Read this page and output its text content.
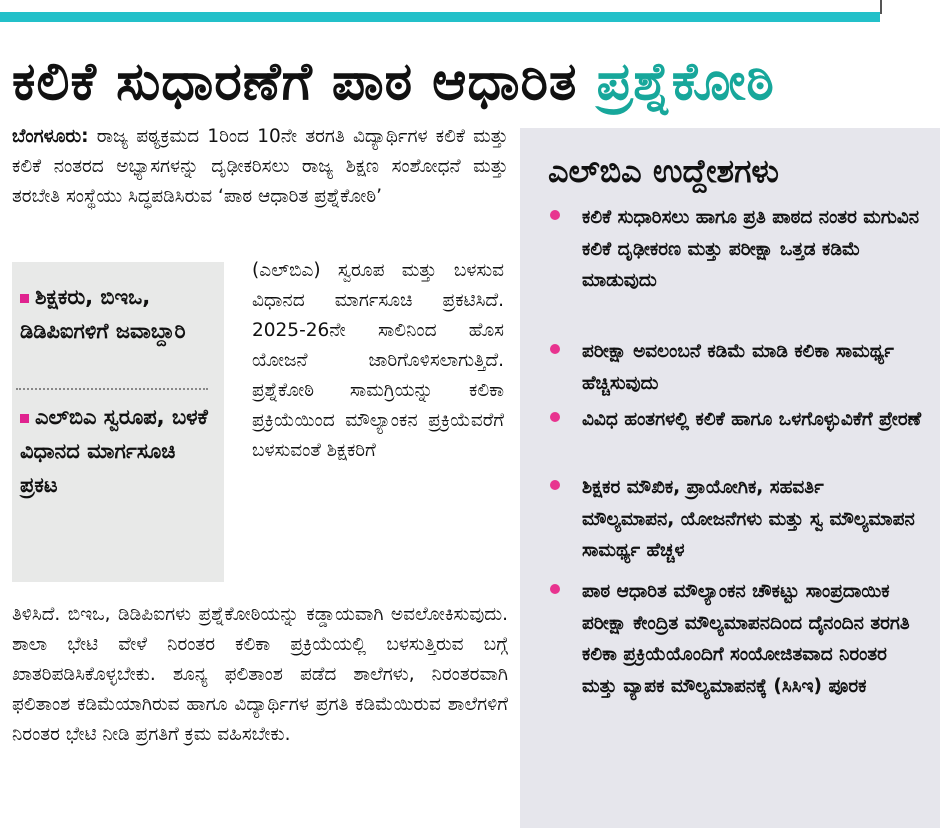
ಕಲಿಕೆ ಸುಧಾರಣೆಗೆ ಪಾಠ ಆಧಾರಿತ ಪ್ರಶ್ನೆಕೋಠಿ
ಬೆಂಗಳೂರು: ರಾಜ್ಯ ಪಠ್ಯಕ್ರಮದ 1ರಿಂದ 10ನೇ ತರಗತಿ ವಿದ್ಯಾರ್ಥಿಗಳ ಕಲಿಕೆ ಮತ್ತು ಕಲಿಕೆ ನಂತರದ ಅಭ್ಯಾಸಗಳನ್ನು ದೃಢೀಕರಿಸಲು ರಾಜ್ಯ ಶಿಕ್ಷಣ ಸಂಶೋಧನೆ ಮತ್ತು ತರಬೇತಿ ಸಂಸ್ಥೆಯು ಸಿದ್ಧಪಡಿಸಿರುವ ‘ಪಾಠ ಆಧಾರಿತ ಪ್ರಶ್ನೆಕೋಠಿ’
ಶಿಕ್ಷಕರು, ಬಿಇಒ, ಡಿಡಿಪಿಐಗಳಿಗೆ ಜವಾಬ್ದಾರಿ
ಎಲ್‌ಬಿಎ ಸ್ವರೂಪ, ಬಳಕೆ ವಿಧಾನದ ಮಾರ್ಗಸೂಚಿ ಪ್ರಕಟ
(ಎಲ್‌ಬಿಎ) ಸ್ವರೂಪ ಮತ್ತು ಬಳಸುವ ವಿಧಾನದ ಮಾರ್ಗಸೂಚಿ ಪ್ರಕಟಿಸಿದೆ. 2025-26ನೇ ಸಾಲಿನಿಂದ ಹೊಸ ಯೋಜನೆ ಜಾರಿಗೊಳಿಸಲಾಗುತ್ತಿದೆ. ಪ್ರಶ್ನೆಕೋಠಿ ಸಾಮಗ್ರಿಯನ್ನು ಕಲಿಕಾ ಪ್ರಕ್ರಿಯೆಯಿಂದ ಮೌಲ್ಯಾಂಕನ ಪ್ರಕ್ರಿಯೆವರೆಗೆ ಬಳಸುವಂತೆ ಶಿಕ್ಷಕರಿಗೆ
ತಿಳಿಸಿದೆ. ಬಿಇಒ, ಡಿಡಿಪಿಐಗಳು ಪ್ರಶ್ನೆಕೋಠಿಯನ್ನು ಕಡ್ಡಾಯವಾಗಿ ಅವಲೋಕಿಸುವುದು. ಶಾಲಾ ಭೇಟಿ ವೇಳೆ ನಿರಂತರ ಕಲಿಕಾ ಪ್ರಕ್ರಿಯೆಯಲ್ಲಿ ಬಳಸುತ್ತಿರುವ ಬಗ್ಗೆ ಖಾತರಿಪಡಿಸಿಕೊಳ್ಳಬೇಕು. ಶೂನ್ಯ ಫಲಿತಾಂಶ ಪಡೆದ ಶಾಲೆಗಳು, ನಿರಂತರವಾಗಿ ಫಲಿತಾಂಶ ಕಡಿಮೆಯಾಗಿರುವ ಹಾಗೂ ವಿದ್ಯಾರ್ಥಿಗಳ ಪ್ರಗತಿ ಕಡಿಮೆಯಿರುವ ಶಾಲೆಗಳಿಗೆ ನಿರಂತರ ಭೇಟಿ ನೀಡಿ ಪ್ರಗತಿಗೆ ಕ್ರಮ ವಹಿಸಬೇಕು.
ಎಲ್‌ಬಿಎ ಉದ್ದೇಶಗಳು
ಕಲಿಕೆ ಸುಧಾರಿಸಲು ಹಾಗೂ ಪ್ರತಿ ಪಾಠದ ನಂತರ ಮಗುವಿನ ಕಲಿಕೆ ದೃಢೀಕರಣ ಮತ್ತು ಪರೀಕ್ಷಾ ಒತ್ತಡ ಕಡಿಮೆ ಮಾಡುವುದು
ಪರೀಕ್ಷಾ ಅವಲಂಬನೆ ಕಡಿಮೆ ಮಾಡಿ ಕಲಿಕಾ ಸಾಮರ್ಥ್ಯ ಹೆಚ್ಚಿಸುವುದು
ವಿವಿಧ ಹಂತಗಳಲ್ಲಿ ಕಲಿಕೆ ಹಾಗೂ ಒಳಗೊಳ್ಳುವಿಕೆಗೆ ಪ್ರೇರಣೆ
ಶಿಕ್ಷಕರ ಮೌಖಿಕ, ಪ್ರಾಯೋಗಿಕ, ಸಹವರ್ತಿ ಮೌಲ್ಯಮಾಪನ, ಯೋಜನೆಗಳು ಮತ್ತು ಸ್ವ ಮೌಲ್ಯಮಾಪನ ಸಾಮರ್ಥ್ಯ ಹೆಚ್ಚಳ
ಪಾಠ ಆಧಾರಿತ ಮೌಲ್ಯಾಂಕನ ಚೌಕಟ್ಟು ಸಾಂಪ್ರದಾಯಿಕ ಪರೀಕ್ಷಾ ಕೇಂದ್ರಿತ ಮೌಲ್ಯಮಾಪನದಿಂದ ದೈನಂದಿನ ತರಗತಿ ಕಲಿಕಾ ಪ್ರಕ್ರಿಯೆಯೊಂದಿಗೆ ಸಂಯೋಜಿತವಾದ ನಿರಂತರ ಮತ್ತು ವ್ಯಾಪಕ ಮೌಲ್ಯಮಾಪನಕ್ಕೆ (ಸಿಸಿಇ) ಪೂರಕ
